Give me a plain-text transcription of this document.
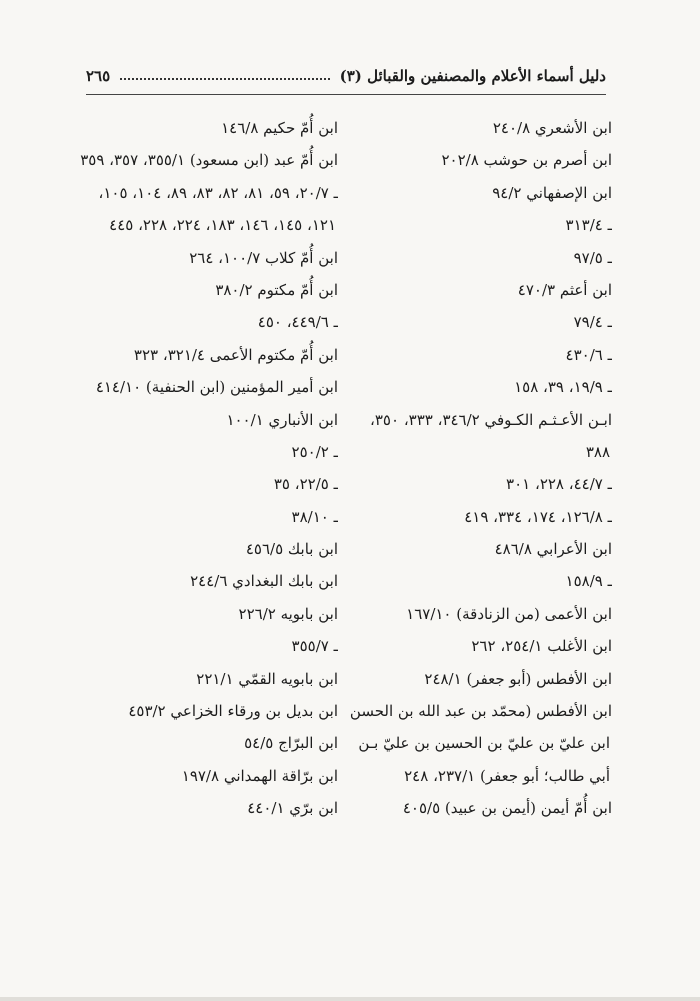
دليل أسماء الأعلام والمصنفين والقبائل (٣)
٢٦٥
ابن الأشعري ٢٤٠/٨
ابن أصرم بن حوشب ٢٠٢/٨
ابن الإصفهاني ٩٤/٢
ـ ٣١٣/٤
ـ ٩٧/٥
ابن أعثم ٤٧٠/٣
ـ ٧٩/٤
ـ ٤٣٠/٦
ـ ١٩/٩، ٣٩، ١٥٨
ابـن الأعـثـم الكـوفي ٣٤٦/٢، ٣٣٣، ٣٥٠،
٣٨٨
ـ ٤٤/٧، ٢٢٨، ٣٠١
ـ ١٢٦/٨، ١٧٤، ٣٣٤، ٤١٩
ابن الأعرابي ٤٨٦/٨
ـ ١٥٨/٩
ابن الأعمى (من الزنادقة) ١٦٧/١٠
ابن الأغلب ٢٥٤/١، ٢٦٢
ابن الأفطس (أبو جعفر) ٢٤٨/١
ابن الأفطس (محمّد بن عبد الله بن الحسن
ابن عليّ بن عليّ بن الحسين بن عليّ بـن
أبي طالب؛ أبو جعفر) ٢٣٧/١، ٢٤٨
ابن أُمّ أيمن (أيمن بن عبيد) ٤٠٥/٥
ابن أُمّ حكيم ١٤٦/٨
ابن أُمّ عبد (ابن مسعود) ٣٥٥/١، ٣٥٧، ٣٥٩
ـ ٢٠/٧، ٥٩، ٨١، ٨٢، ٨٣، ٨٩، ١٠٤، ١٠٥،
١٢١، ١٤٥، ١٤٦، ١٨٣، ٢٢٤، ٢٢٨، ٤٤٥
ابن أُمّ كلاب ١٠٠/٧، ٢٦٤
ابن أُمّ مكتوم ٣٨٠/٢
ـ ٤٤٩/٦، ٤٥٠
ابن أُمّ مكتوم الأعمى ٣٢١/٤، ٣٢٣
ابن أمير المؤمنين (ابن الحنفية) ٤١٤/١٠
ابن الأنباري ١٠٠/١
ـ ٢٥٠/٢
ـ ٢٢/٥، ٣٥
ـ ٣٨/١٠
ابن بابك ٤٥٦/٥
ابن بابك البغدادي ٢٤٤/٦
ابن بابويه ٢٢٦/٢
ـ ٣٥٥/٧
ابن بابويه القمّي ٢٢١/١
ابن بديل بن ورقاء الخزاعي ٤٥٣/٢
ابن البرّاج ٥٤/٥
ابن برّاقة الهمداني ١٩٧/٨
ابن برّي ٤٤٠/١
